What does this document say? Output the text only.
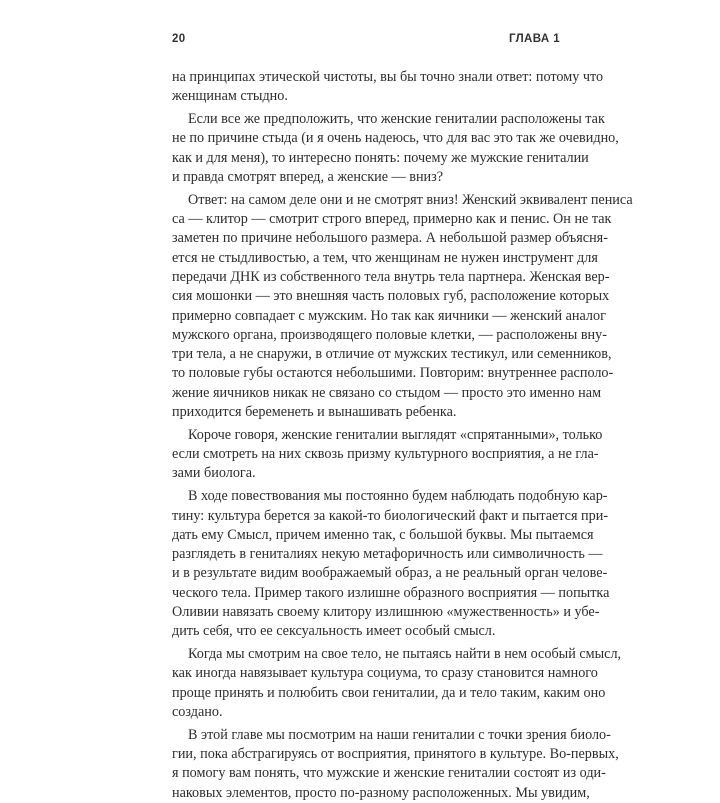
20	ГЛАВА 1
на принципах этической чистоты, вы бы точно знали ответ: потому что
женщинам стыдно.
Если все же предположить, что женские гениталии расположены так
не по причине стыда (и я очень надеюсь, что для вас это так же очевидно,
как и для меня), то интересно понять: почему же мужские гениталии
и правда смотрят вперед, а женские — вниз?
Ответ: на самом деле они и не смотрят вниз! Женский эквивалент пениса
са — клитор — смотрит строго вперед, примерно как и пенис. Он не так
заметен по причине небольшого размера. А небольшой размер объясня-
ется не стыдливостью, а тем, что женщинам не нужен инструмент для
передачи ДНК из собственного тела внутрь тела партнера. Женская вер-
сия мошонки — это внешняя часть половых губ, расположение которых
примерно совпадает с мужским. Но так как яичники — женский аналог
мужского органа, производящего половые клетки, — расположены вну-
три тела, а не снаружи, в отличие от мужских тестикул, или семенников,
то половые губы остаются небольшими. Повторим: внутреннее располо-
жение яичников никак не связано со стыдом — просто это именно нам
приходится беременеть и вынашивать ребенка.
Короче говоря, женские гениталии выглядят «спрятанными», только
если смотреть на них сквозь призму культурного восприятия, а не гла-
зами биолога.
В ходе повествования мы постоянно будем наблюдать подобную кар-
тину: культура берется за какой-то биологический факт и пытается при-
дать ему Смысл, причем именно так, с большой буквы. Мы пытаемся
разглядеть в гениталиях некую метафоричность или символичность —
и в результате видим воображаемый образ, а не реальный орган челове-
ческого тела. Пример такого излишне образного восприятия — попытка
Оливии навязать своему клитору излишнюю «мужественность» и убе-
дить себя, что ее сексуальность имеет особый смысл.
Когда мы смотрим на свое тело, не пытаясь найти в нем особый смысл,
как иногда навязывает культура социума, то сразу становится намного
проще принять и полюбить свои гениталии, да и тело таким, каким оно
создано.
В этой главе мы посмотрим на наши гениталии с точки зрения биоло-
гии, пока абстрагируясь от восприятия, принятого в культуре. Во-первых,
я помогу вам понять, что мужские и женские гениталии состоят из оди-
наковых элементов, просто по-разному расположенных. Мы увидим,
